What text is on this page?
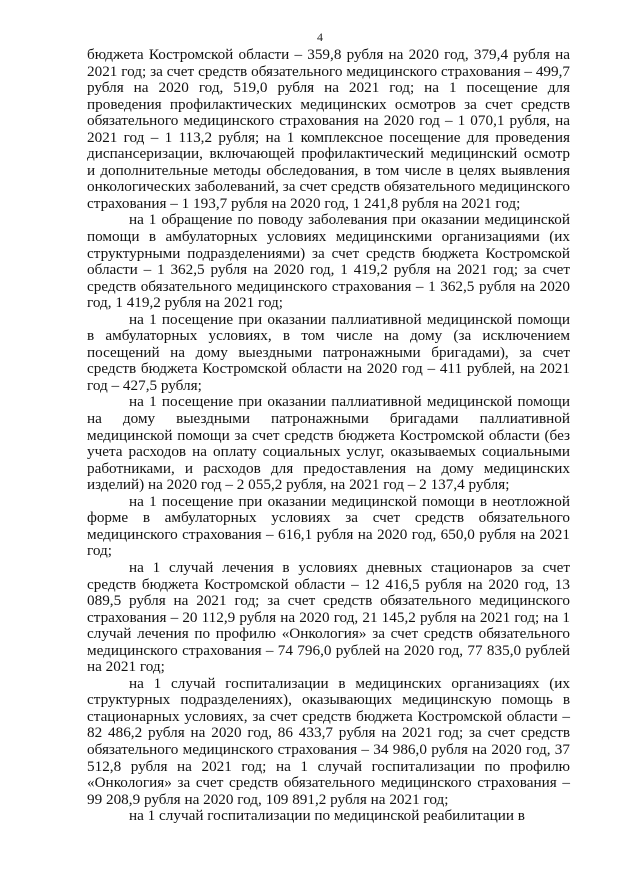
4

бюджета Костромской области – 359,8 рубля на 2020 год, 379,4 рубля на 2021 год; за счет средств обязательного медицинского страхования – 499,7 рубля на 2020 год, 519,0 рубля на 2021 год; на 1 посещение для проведения профилактических медицинских осмотров за счет средств обязательного медицинского страхования на 2020 год – 1 070,1 рубля, на 2021 год – 1 113,2 рубля; на 1 комплексное посещение для проведения диспансеризации, включающей профилактический медицинский осмотр и дополнительные методы обследования, в том числе в целях выявления онкологических заболеваний, за счет средств обязательного медицинского страхования – 1 193,7 рубля на 2020 год, 1 241,8 рубля на 2021 год;

на 1 обращение по поводу заболевания при оказании медицинской помощи в амбулаторных условиях медицинскими организациями (их структурными подразделениями) за счет средств бюджета Костромской области – 1 362,5 рубля на 2020 год, 1 419,2 рубля на 2021 год; за счет средств обязательного медицинского страхования – 1 362,5 рубля на 2020 год, 1 419,2 рубля на 2021 год;

на 1 посещение при оказании паллиативной медицинской помощи в амбулаторных условиях, в том числе на дому (за исключением посещений на дому выездными патронажными бригадами), за счет средств бюджета Костромской области на 2020 год – 411 рублей, на 2021 год – 427,5 рубля;

на 1 посещение при оказании паллиативной медицинской помощи на дому выездными патронажными бригадами паллиативной медицинской помощи за счет средств бюджета Костромской области (без учета расходов на оплату социальных услуг, оказываемых социальными работниками, и расходов для предоставления на дому медицинских изделий) на 2020 год – 2 055,2 рубля, на 2021 год – 2 137,4 рубля;

на 1 посещение при оказании медицинской помощи в неотложной форме в амбулаторных условиях за счет средств обязательного медицинского страхования – 616,1 рубля на 2020 год, 650,0 рубля на 2021 год;

на 1 случай лечения в условиях дневных стационаров за счет средств бюджета Костромской области – 12 416,5 рубля на 2020 год, 13 089,5 рубля на 2021 год; за счет средств обязательного медицинского страхования – 20 112,9 рубля на 2020 год, 21 145,2 рубля на 2021 год; на 1 случай лечения по профилю «Онкология» за счет средств обязательного медицинского страхования – 74 796,0 рублей на 2020 год, 77 835,0 рублей на 2021 год;

на 1 случай госпитализации в медицинских организациях (их структурных подразделениях), оказывающих медицинскую помощь в стационарных условиях, за счет средств бюджета Костромской области – 82 486,2 рубля на 2020 год, 86 433,7 рубля на 2021 год; за счет средств обязательного медицинского страхования – 34 986,0 рубля на 2020 год, 37 512,8 рубля на 2021 год; на 1 случай госпитализации по профилю «Онкология» за счет средств обязательного медицинского страхования – 99 208,9 рубля на 2020 год, 109 891,2 рубля на 2021 год;

на 1 случай госпитализации по медицинской реабилитации в
